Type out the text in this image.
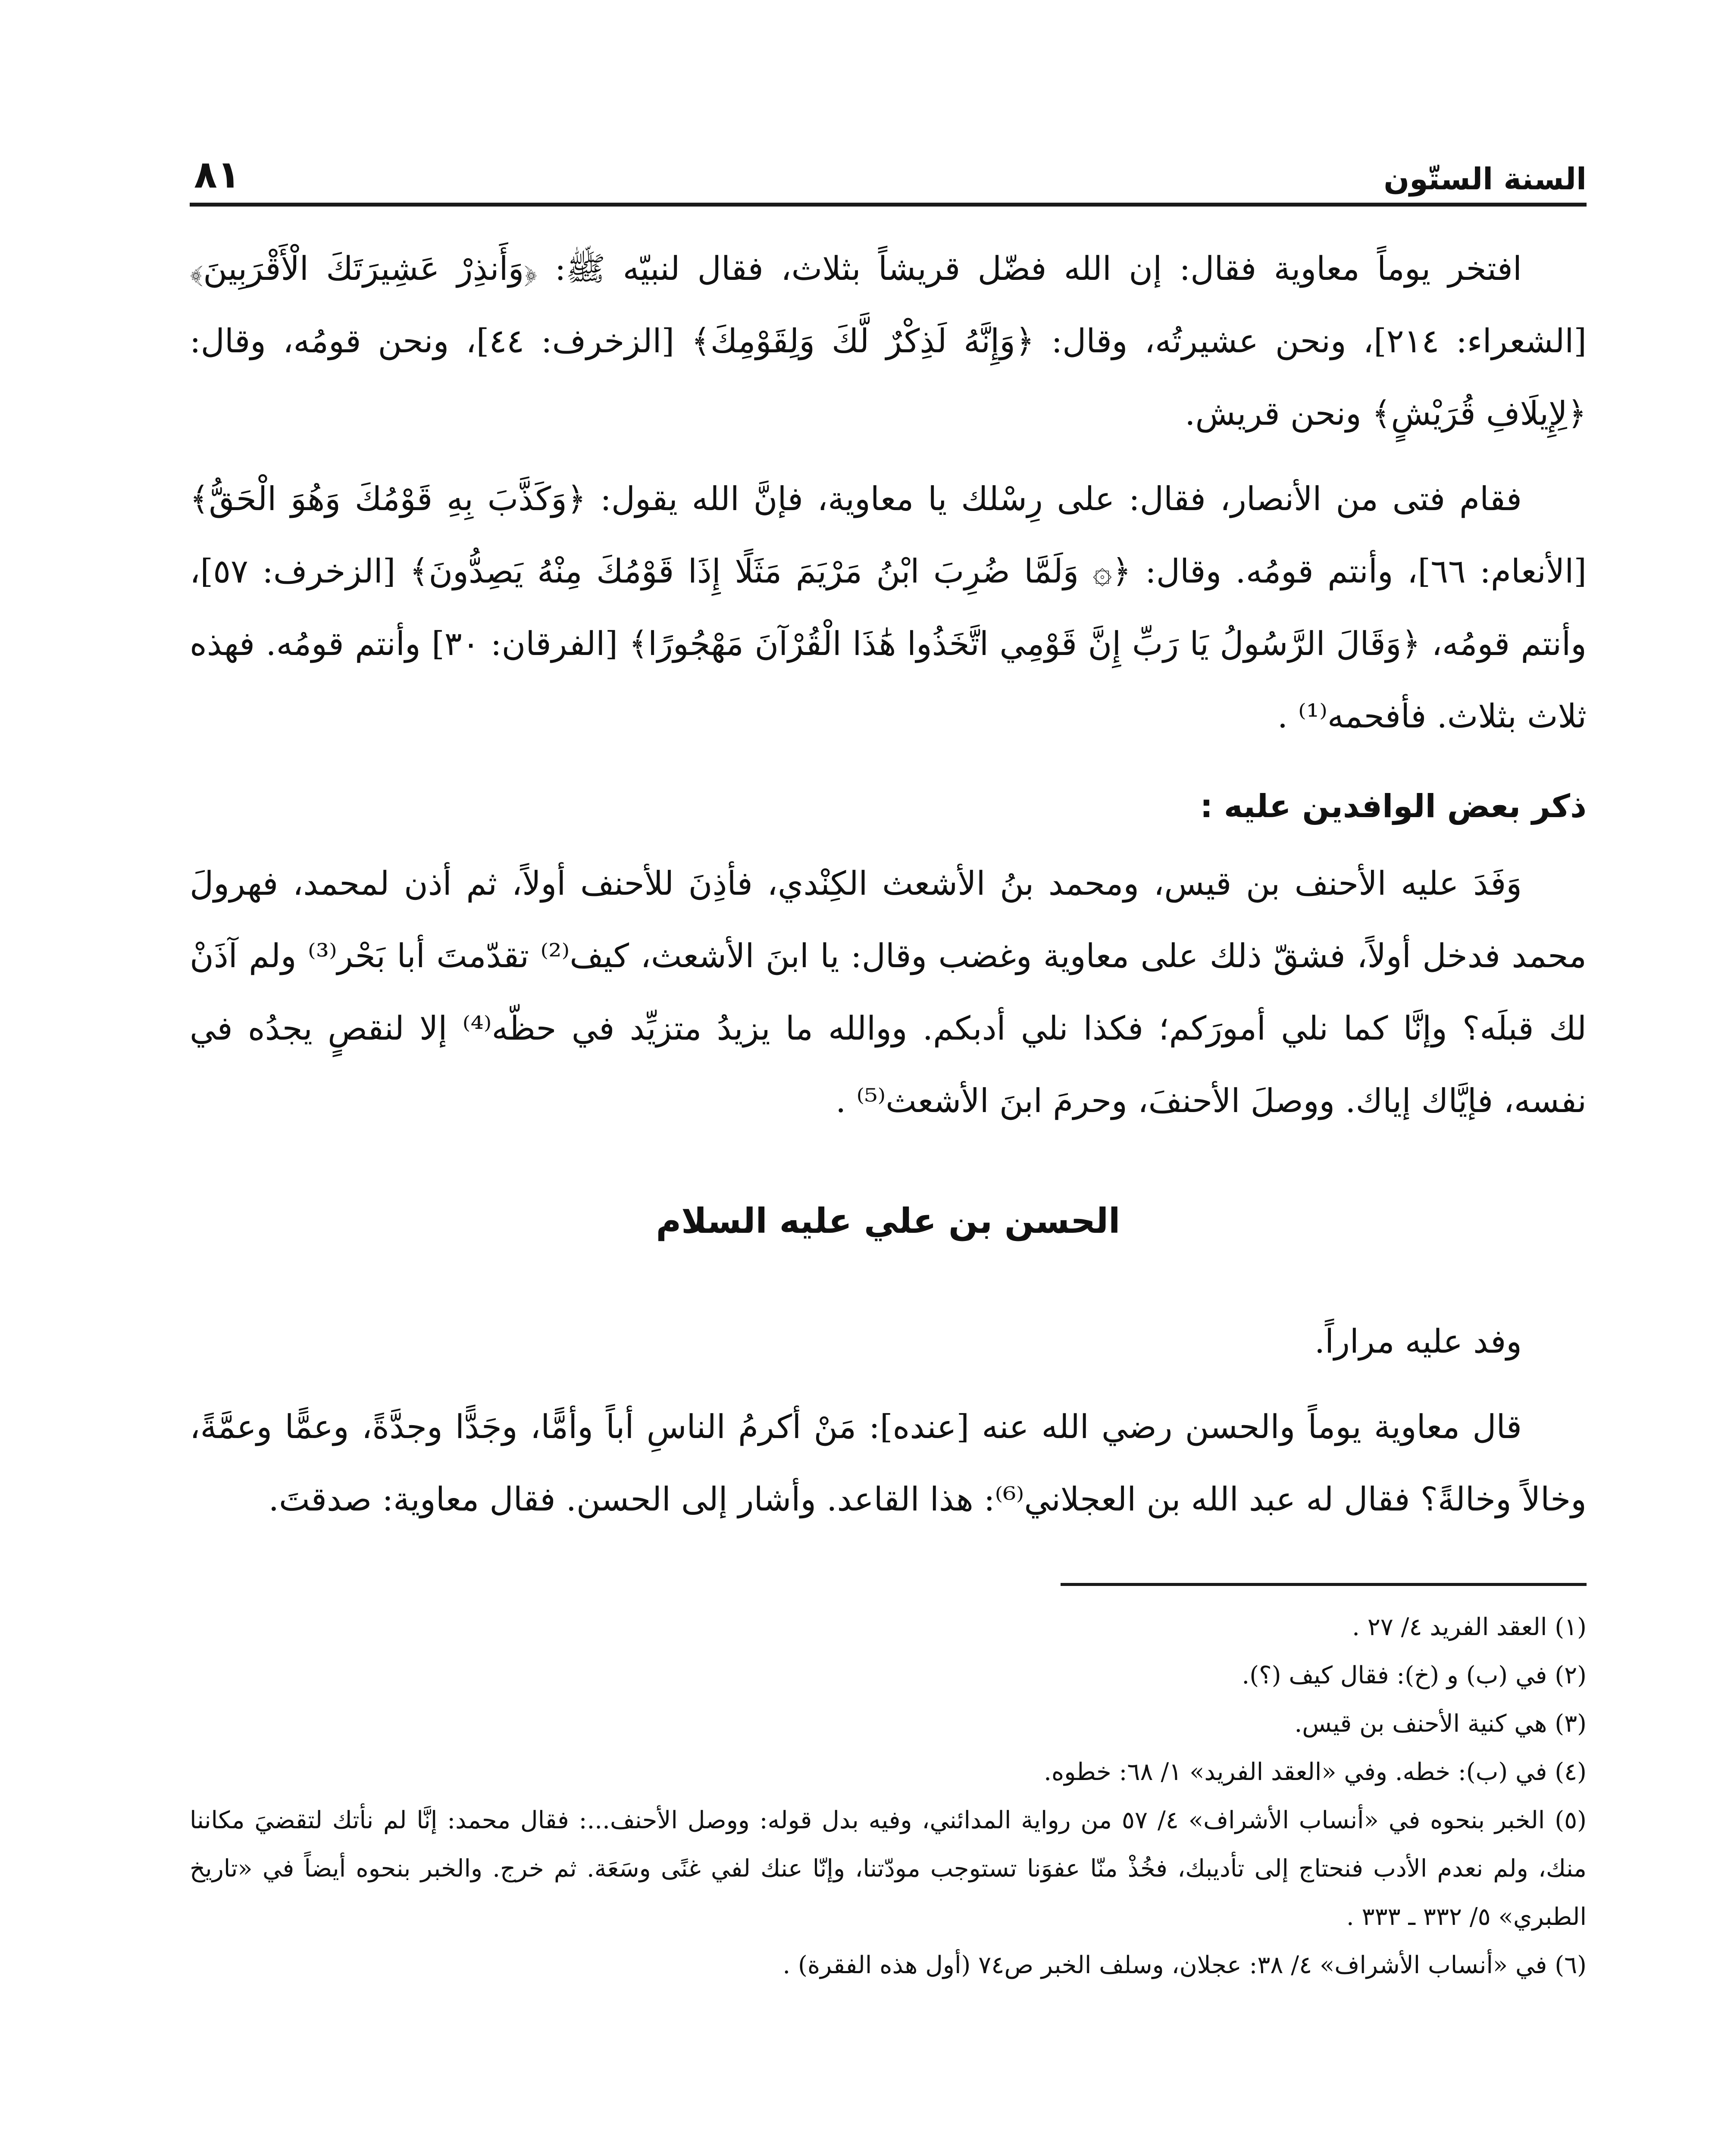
السنة الستّون
٨١

افتخر يوماً معاوية فقال: إن الله فضّل قريشاً بثلاث، فقال لنبيّه ﷺ: ﴿وَأَنذِرْ عَشِيرَتَكَ الْأَقْرَبِينَ﴾ [الشعراء: ٢١٤]، ونحن عشيرتُه، وقال: ﴿وَإِنَّهُ لَذِكْرٌ لَّكَ وَلِقَوْمِكَ﴾ [الزخرف: ٤٤]، ونحن قومُه، وقال: ﴿لِإِيلَافِ قُرَيْشٍ﴾ ونحن قريش.

فقام فتى من الأنصار، فقال: على رِسْلك يا معاوية، فإنَّ الله يقول: ﴿وَكَذَّبَ بِهِ قَوْمُكَ وَهُوَ الْحَقُّ﴾ [الأنعام: ٦٦]، وأنتم قومُه. وقال: ﴿۞ وَلَمَّا ضُرِبَ ابْنُ مَرْيَمَ مَثَلًا إِذَا قَوْمُكَ مِنْهُ يَصِدُّونَ﴾ [الزخرف: ٥٧]، وأنتم قومُه، ﴿وَقَالَ الرَّسُولُ يَا رَبِّ إِنَّ قَوْمِي اتَّخَذُوا هَٰذَا الْقُرْآنَ مَهْجُورًا﴾ [الفرقان: ٣٠] وأنتم قومُه. فهذه ثلاث بثلاث. فأفحمه⁽¹⁾ .

ذكر بعض الوافدين عليه :

وَفَدَ عليه الأحنف بن قيس، ومحمد بنُ الأشعث الكِنْدي، فأذِنَ للأحنف أولاً، ثم أذن لمحمد، فهرولَ محمد فدخل أولاً، فشقّ ذلك على معاوية وغضب وقال: يا ابنَ الأشعث، كيف⁽²⁾ تقدّمتَ أبا بَحْر⁽³⁾ ولم آذَنْ لك قبلَه؟ وإنَّا كما نلي أمورَكم؛ فكذا نلي أدبكم. ووالله ما يزيدُ متزيِّد في حظّه⁽⁴⁾ إلا لنقصٍ يجدُه في نفسه، فإيَّاك إياك. ووصلَ الأحنفَ، وحرمَ ابنَ الأشعث⁽⁵⁾ .

الحسن بن علي عليه السلام

وفد عليه مراراً.

قال معاوية يوماً والحسن رضي الله عنه [عنده]: مَنْ أكرمُ الناسِ أباً وأمًّا، وجَدًّا وجدَّةً، وعمًّا وعمَّةً، وخالاً وخالةً؟ فقال له عبد الله بن العجلاني⁽⁶⁾: هذا القاعد. وأشار إلى الحسن. فقال معاوية: صدقتَ.

(١) العقد الفريد ٤/ ٢٧ .

(٢) في (ب) و (خ): فقال كيف (؟).

(٣) هي كنية الأحنف بن قيس.

(٤) في (ب): خطه. وفي «العقد الفريد» ١/ ٦٨: خطوه.

(٥) الخبر بنحوه في «أنساب الأشراف» ٤/ ٥٧ من رواية المدائني، وفيه بدل قوله: ووصل الأحنف...: فقال محمد: إنَّا لم نأتك لتقضيَ مكاننا منك، ولم نعدم الأدب فنحتاج إلى تأديبك، فخُذْ منّا عفوَنا تستوجب مودّتنا، وإنّا عنك لفي غنًى وسَعَة. ثم خرج. والخبر بنحوه أيضاً في «تاريخ الطبري» ٥/ ٣٣٢ ـ ٣٣٣ .

(٦) في «أنساب الأشراف» ٤/ ٣٨: عجلان، وسلف الخبر ص٧٤ (أول هذه الفقرة) .
